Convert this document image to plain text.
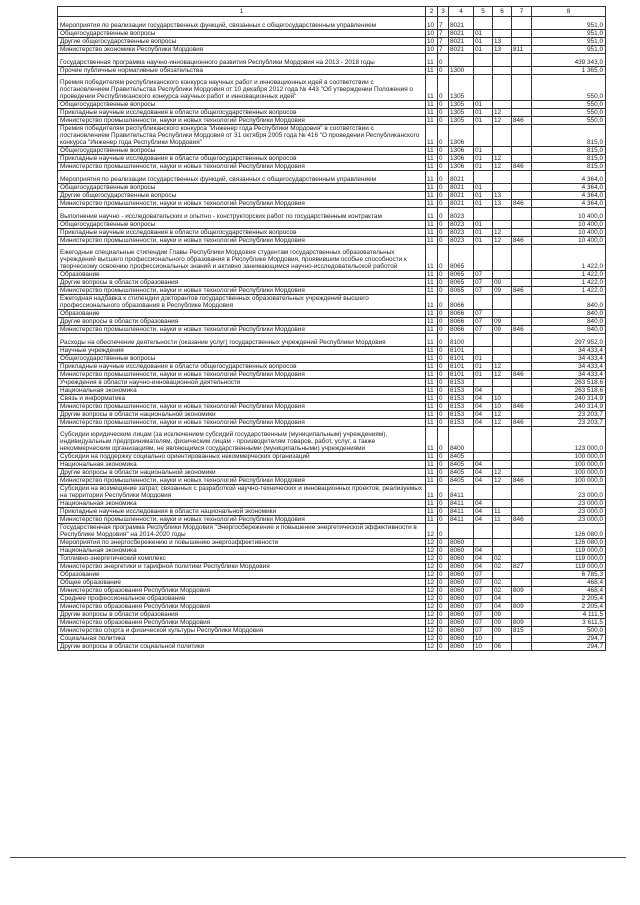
1	2	3	4	5	6	7	8
Мероприятия по реализации государственных функций, связанных с общегосударственным управлением	10	7	8021				951,0
Общегосударственные вопросы	10	7	8021	01			951,0
Другие общегосударственные вопросы	10	7	8021	01	13		951,0
Министерство экономики Республики Мордовия	10	7	8021	01	13	811	951,0
Государственная программа научно-инновационного развития Республики Мордовия на 2013 - 2018 годы	11	0					439 343,0
Прочие публичные нормативные обязательства	11	0	1300				1 365,0
Премия победителям республиканского конкурса научных работ и инновационных идей в соответствии с постановлением Правительства Республики Мордовия от 10 декабря 2012 года № 443 "Об утверждении Положения о проведении Республиканского конкурса научных работ и инновационных идей"	11	0	1305				550,0
Общегосударственные вопросы	11	0	1305	01			550,0
Прикладные научные исследования в области общегосударственных вопросов	11	0	1305	01	12		550,0
Министерство промышленности, науки и новых технологий Республики Мордовия	11	0	1305	01	12	846	550,0
Премия победителям республиканского конкурса "Инженер года Республики Мордовия" в соответствии с постановлением Правительства Республики Мордовия от 31 октября 2005 года № 416 "О проведении Республиканского конкурса "Инженер года Республики Мордовия"	11	0	1306				815,0
Общегосударственные вопросы	11	0	1306	01			815,0
Прикладные научные исследования в области общегосударственных вопросов	11	0	1306	01	12		815,0
Министерство промышленности, науки и новых технологий Республики Мордовия	11	0	1306	01	12	846	815,0
Мероприятия по реализации государственных функций, связанных с общегосударственным управлением	11	0	8021				4 364,0
Общегосударственные вопросы	11	0	8021	01			4 364,0
Другие общегосударственные вопросы	11	0	8021	01	13		4 364,0
Министерство промышленности, науки и новых технологий Республики Мордовия	11	0	8021	01	13	846	4 364,0
Выполнение научно - исследовательских и опытно - конструкторских работ по государственным контрактам	11	0	8023				10 400,0
Общегосударственные вопросы	11	0	8023	01			10 400,0
Прикладные научные исследования в области общегосударственных вопросов	11	0	8023	01	12		10 400,0
Министерство промышленности, науки и новых технологий Республики Мордовия	11	0	8023	01	12	846	10 400,0
Ежегодные специальные стипендии Главы Республики Мордовия студентам государственных образовательных учреждений высшего профессионального образования в Республике Мордовия, проявившим особые способности к творческому освоению профессиональных знаний и активно занимающимся научно-исследовательской работой	11	0	8065				1 422,0
Образование	11	0	8065	07			1 422,0
Другие вопросы в области образования	11	0	8065	07	09		1 422,0
Министерство промышленности, науки и новых технологий Республики Мордовия	11	0	8065	07	09	846	1 422,0
Ежегодная надбавка к стипендии докторантов государственных образовательных учреждений высшего профессионального образования в Республике Мордовия	11	0	8066				840,0
Образование	11	0	8066	07			840,0
Другие вопросы в области образования	11	0	8066	07	09		840,0
Министерство промышленности, науки и новых технологий Республики Мордовия	11	0	8066	07	09	846	840,0
Расходы на обеспечение деятельности (оказание услуг) государственных учреждений Республики Мордовия	11	0	8100				297 952,0
Научные учреждения	11	0	8101				34 433,4
Общегосударственные вопросы	11	0	8101	01			34 433,4
Прикладные научные исследования в области общегосударственных вопросов	11	0	8101	01	12		34 433,4
Министерство промышленности, науки и новых технологий Республики Мордовия	11	0	8101	01	12	846	34 433,4
Учреждения в области научно-инновационной деятельности	11	0	8153				263 518,6
Национальная экономика	11	0	8153	04			263 518,6
Связь и информатика	11	0	8153	04	10		240 314,9
Министерство промышленности, науки и новых технологий Республики Мордовия	11	0	8153	04	10	846	240 314,9
Другие вопросы в области национальной экономики	11	0	8153	04	12		23 203,7
Министерство промышленности, науки и новых технологий Республики Мордовия	11	0	8153	04	12	846	23 203,7
Субсидии юридическим лицам (за исключением субсидий государственным (муниципальным) учреждениям), индивидуальным предпринимателям, физическим лицам - производителям товаров, работ, услуг, а также некоммерческим организациям, не являющимся государственными (муниципальными) учреждениями	11	0	8400				123 000,0
Субсидии на поддержку социально ориентированных некоммерческих организаций	11	0	8405				100 000,0
Национальная экономика	11	0	8405	04			100 000,0
Другие вопросы в области национальной экономики	11	0	8405	04	12		100 000,0
Министерство промышленности, науки и новых технологий Республики Мордовия	11	0	8405	04	12	846	100 000,0
Субсидии на возмещение затрат, связанных с разработкой научно-технических и инновационных проектов, реализуемых на территории Республики Мордовия	11	0	8411				23 000,0
Национальная экономика	11	0	8411	04			23 000,0
Прикладные научные исследования в области национальной экономики	11	0	8411	04	11		23 000,0
Министерство промышленности, науки и новых технологий Республики Мордовия	11	0	8411	04	11	846	23 000,0
Государственная программа Республики Мордовия "Энергосбережение и повышение энергетической эффективности в Республике Мордовия" на 2014-2020 годы	12	0					126 080,0
Мероприятия по энергосбережению и повышению энергоэффективности	12	0	8060				126 080,0
Национальная экономика	12	0	8060	04			119 000,0
Топливно-энергетический комплекс	12	0	8060	04	02		119 000,0
Министерство энергетики и тарифной политики Республики Мордовия	12	0	8060	04	02	827	119 000,0
Образование	12	0	8060	07			6 785,3
Общее образование	12	0	8060	07	02		468,4
Министерство образования Республики Мордовия	12	0	8060	07	02	809	468,4
Среднее профессиональное образование	12	0	8060	07	04		2 205,4
Министерство образования Республики Мордовия	12	0	8060	07	04	809	2 205,4
Другие вопросы в области образования	12	0	8060	07	09		4 111,5
Министерство образования Республики Мордовия	12	0	8060	07	09	809	3 611,5
Министерство спорта и физической культуры Республики Мордовия	12	0	8060	07	09	815	500,0
Социальная политика	12	0	8060	10			294,7
Другие вопросы в области социальной политики	12	0	8060	10	06		294,7
